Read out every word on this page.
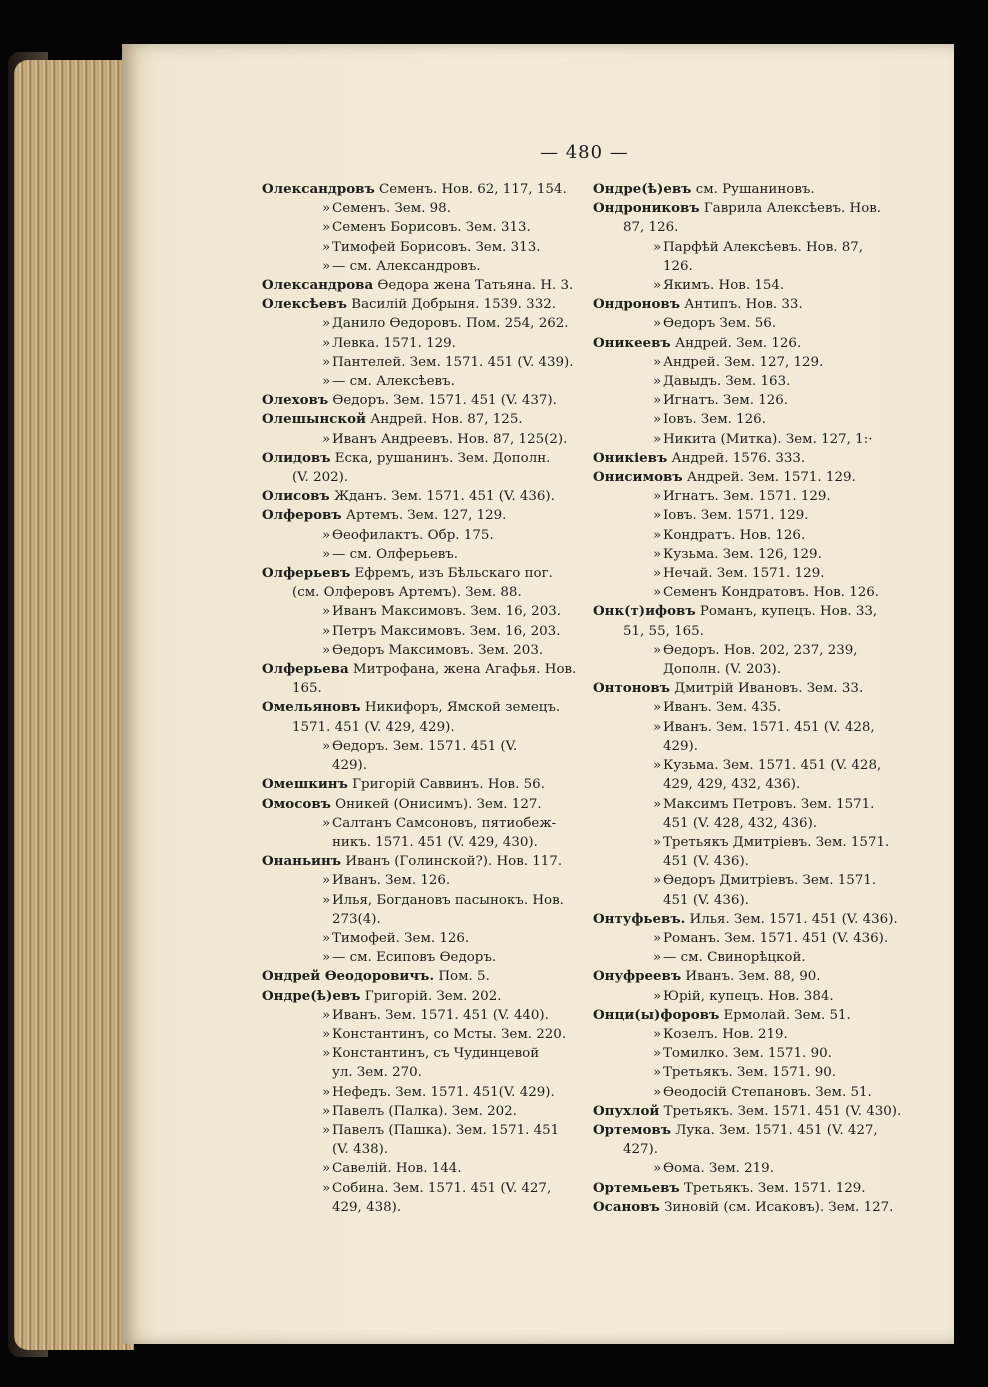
— 480 —
Олександровъ Семенъ. Нов. 62, 117, 154.
»Семенъ. Зем. 98.
»Семенъ Борисовъ. Зем. 313.
»Тимофей Борисовъ. Зем. 313.
»— см. Александровъ.
Олександрова Ѳедора жена Татьяна. Н. 3.
Олексѣевъ Василій Добрыня. 1539. 332.
»Данило Ѳедоровъ. Пом. 254, 262.
»Левка. 1571. 129.
»Пантелей. Зем. 1571. 451 (V. 439).
»— см. Алексѣевъ.
Олеховъ Ѳедоръ. Зем. 1571. 451 (V. 437).
Олешынской Андрей. Нов. 87, 125.
»Иванъ Андреевъ. Нов. 87, 125(2).
Олидовъ Еска, рушанинъ. Зем. Дополн.
(V. 202).
Олисовъ Жданъ. Зем. 1571. 451 (V. 436).
Олферовъ Артемъ. Зем. 127, 129.
»Ѳеофилактъ. Обр. 175.
»— см. Олферьевъ.
Олферьевъ Ефремъ, изъ Бѣльскаго пог.
(см. Олферовъ Артемъ). Зем. 88.
»Иванъ Максимовъ. Зем. 16, 203.
»Петръ Максимовъ. Зем. 16, 203.
»Ѳедоръ Максимовъ. Зем. 203.
Олферьева Митрофана, жена Агафья. Нов.
165.
Омельяновъ Никифоръ, Ямской земецъ.
1571. 451 (V. 429, 429).
»Ѳедоръ. Зем. 1571. 451 (V.
429).
Омешкинъ Григорій Саввинъ. Нов. 56.
Омосовъ Оникей (Онисимъ). Зем. 127.
»Салтанъ Самсоновъ, пятиобеж-
никъ. 1571. 451 (V. 429, 430).
Онаньинъ Иванъ (Голинской?). Нов. 117.
»Иванъ. Зем. 126.
»Илья, Богдановъ пасынокъ. Нов.
273(4).
»Тимофей. Зем. 126.
»— см. Есиповъ Ѳедоръ.
Ондрей Ѳеодоровичъ. Пом. 5.
Ондре(ѣ)евъ Григорій. Зем. 202.
»Иванъ. Зем. 1571. 451 (V. 440).
»Константинъ, со Мсты. Зем. 220.
»Константинъ, съ Чудинцевой
ул. Зем. 270.
»Нефедъ. Зем. 1571. 451(V. 429).
»Павелъ (Палка). Зем. 202.
»Павелъ (Пашка). Зем. 1571. 451
(V. 438).
»Савелій. Нов. 144.
»Собина. Зем. 1571. 451 (V. 427,
429, 438).
Ондре(ѣ)евъ см. Рушаниновъ.
Ондрониковъ Гаврила Алексѣевъ. Нов.
87, 126.
»Парфѣй Алексѣевъ. Нов. 87,
126.
»Якимъ. Нов. 154.
Ондроновъ Антипъ. Нов. 33.
»Ѳедоръ Зем. 56.
Оникеевъ Андрей. Зем. 126.
»Андрей. Зем. 127, 129.
»Давыдъ. Зем. 163.
»Игнатъ. Зем. 126.
»Іовъ. Зем. 126.
»Никита (Митка). Зем. 127, 1:·
Оникіевъ Андрей. 1576. 333.
Онисимовъ Андрей. Зем. 1571. 129.
»Игнатъ. Зем. 1571. 129.
»Іовъ. Зем. 1571. 129.
»Кондратъ. Нов. 126.
»Кузьма. Зем. 126, 129.
»Нечай. Зем. 1571. 129.
»Семенъ Кондратовъ. Нов. 126.
Онк(т)ифовъ Романъ, купецъ. Нов. 33,
51, 55, 165.
»Ѳедоръ. Нов. 202, 237, 239,
Дополн. (V. 203).
Онтоновъ Дмитрій Ивановъ. Зем. 33.
»Иванъ. Зем. 435.
»Иванъ. Зем. 1571. 451 (V. 428,
429).
»Кузьма. Зем. 1571. 451 (V. 428,
429, 429, 432, 436).
»Максимъ Петровъ. Зем. 1571.
451 (V. 428, 432, 436).
»Третьякъ Дмитріевъ. Зем. 1571.
451 (V. 436).
»Ѳедоръ Дмитріевъ. Зем. 1571.
451 (V. 436).
Онтуфьевъ. Илья. Зем. 1571. 451 (V. 436).
»Романъ. Зем. 1571. 451 (V. 436).
»— см. Свинорѣцкой.
Онуфреевъ Иванъ. Зем. 88, 90.
»Юрій, купецъ. Нов. 384.
Онци(ы)форовъ Ермолай. Зем. 51.
»Козелъ. Нов. 219.
»Томилко. Зем. 1571. 90.
»Третьякъ. Зем. 1571. 90.
»Ѳеодосій Степановъ. Зем. 51.
Опухлой Третьякъ. Зем. 1571. 451 (V. 430).
Ортемовъ Лука. Зем. 1571. 451 (V. 427,
427).
»Ѳома. Зем. 219.
Ортемьевъ Третьякъ. Зем. 1571. 129.
Осановъ Зиновій (см. Исаковъ). Зем. 127.
